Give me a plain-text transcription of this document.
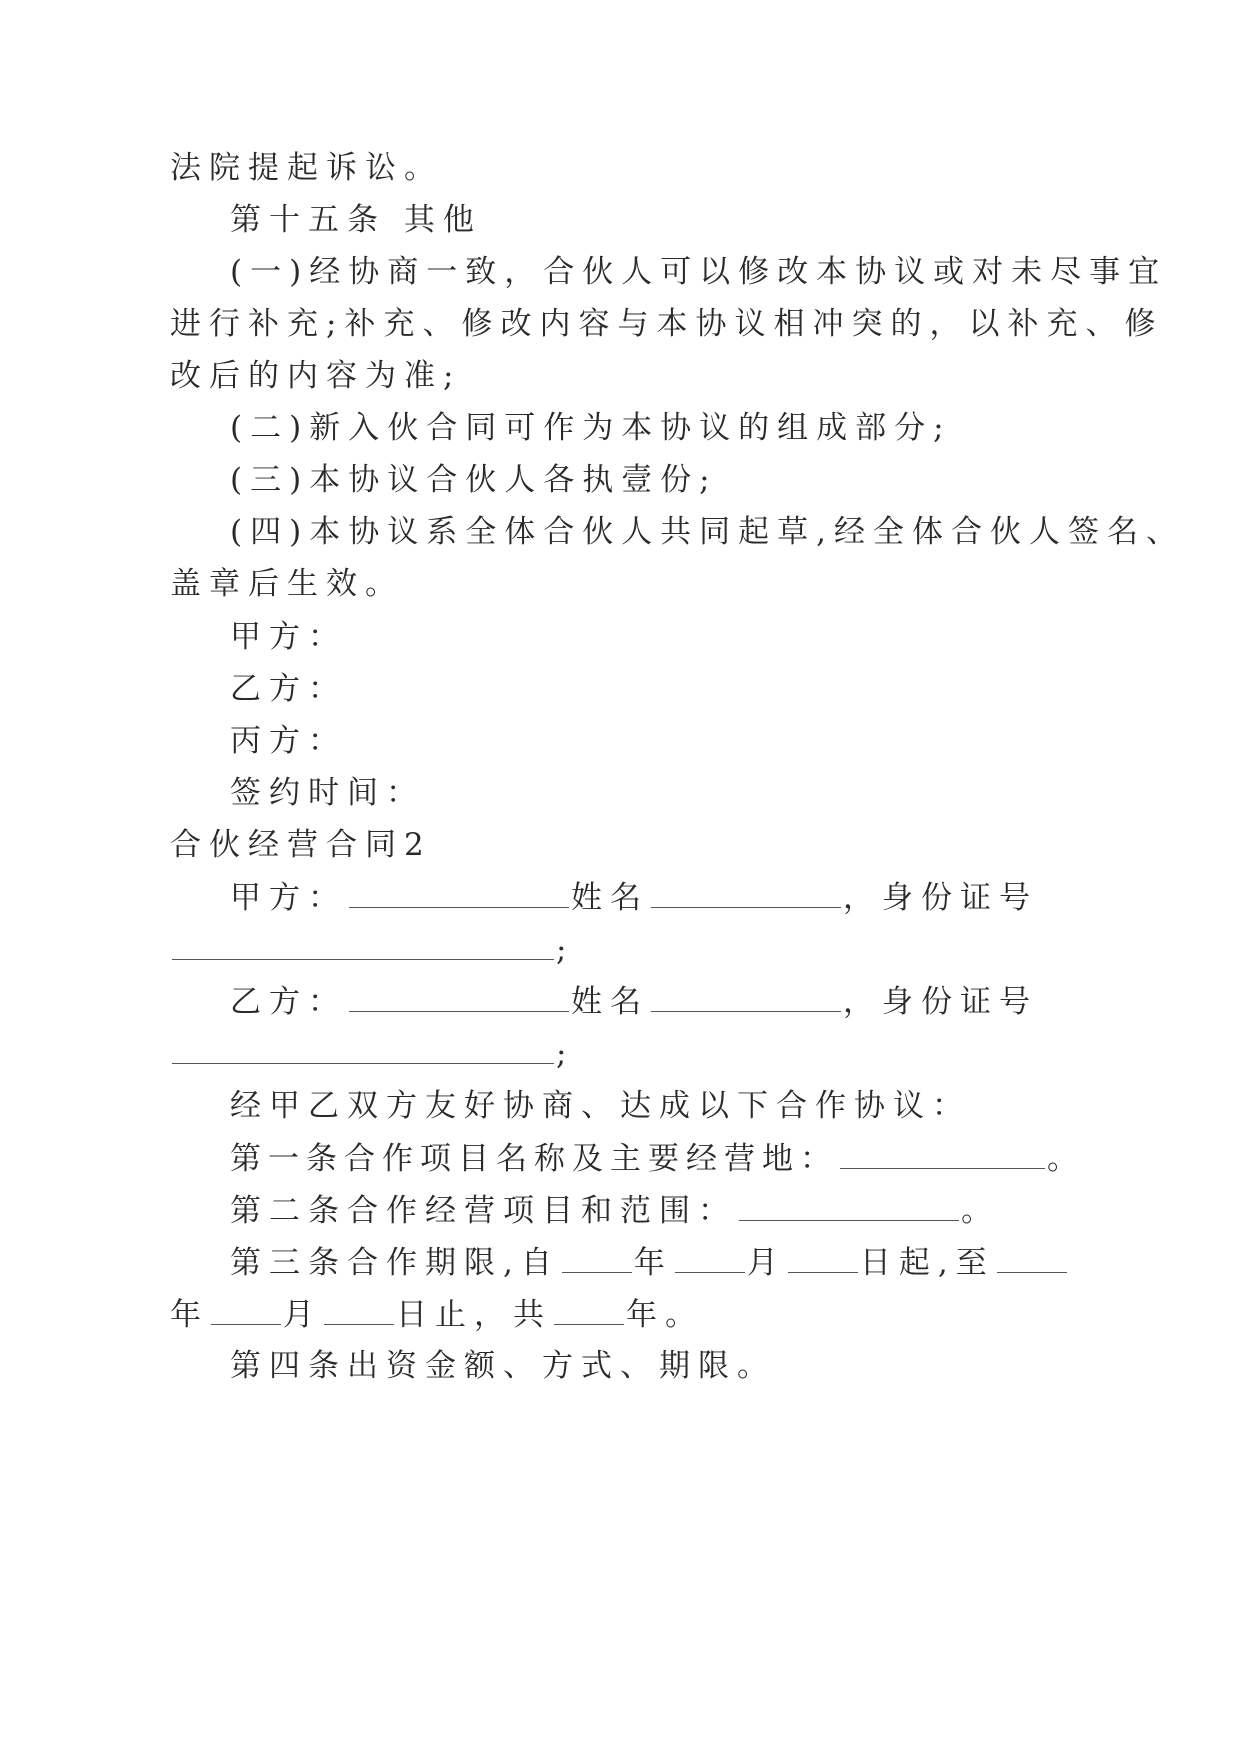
法院提起诉讼。
第十五条 其他
(一)经协商一致，合伙人可以修改本协议或对未尽事宜
进行补充;补充、修改内容与本协议相冲突的，以补充、修
改后的内容为准;
(二)新入伙合同可作为本协议的组成部分;
(三)本协议合伙人各执壹份;
(四)本协议系全体合伙人共同起草,经全体合伙人签名、
盖章后生效。
甲方：
乙方：
丙方：
签约时间：
合伙经营合同2
甲方：	姓名	，身份证号
;
乙方：	姓名	，身份证号
;
经甲乙双方友好协商、达成以下合作协议：
第一条合作项目名称及主要经营地：	。
第二条合作经营项目和范围：	。
第三条合作期限,自 年 月 日起,至
年 月 日止，共 年。
第四条出资金额、方式、期限。
